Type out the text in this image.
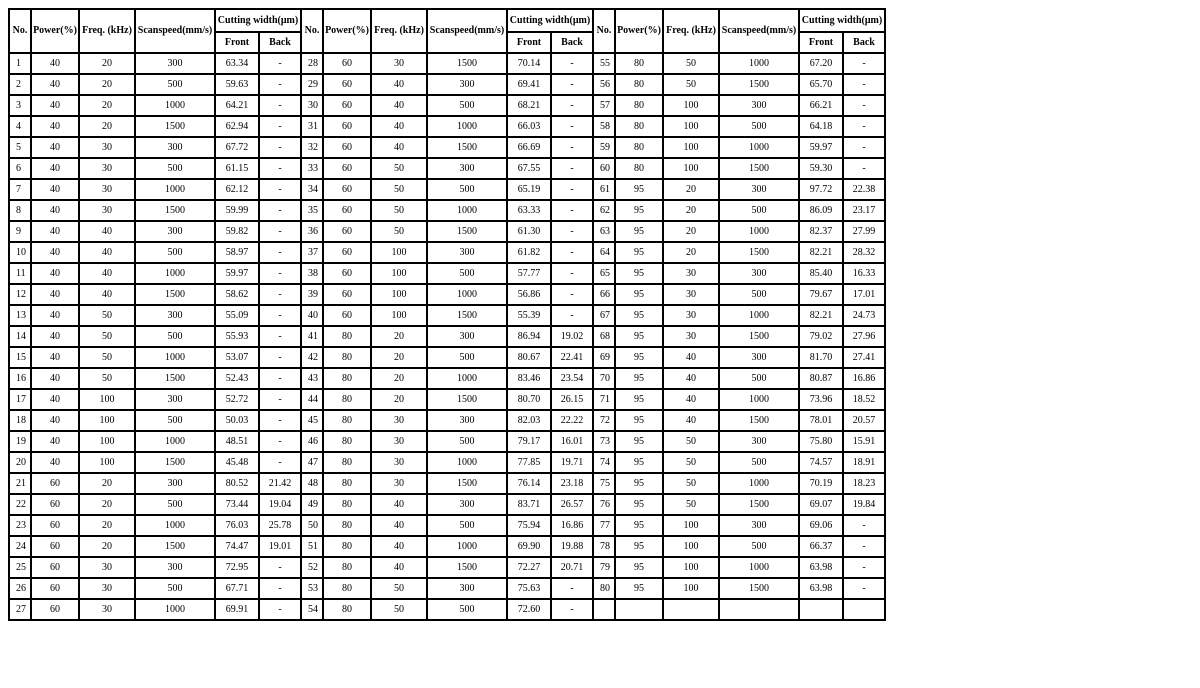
No.	Power(%)	Freq. (kHz)	Scanspeed(mm/s)	Cutting width(μm)		No.	Power(%)	Freq. (kHz)	Scanspeed(mm/s)	Cutting width(μm)		No.	Power(%)	Freq. (kHz)	Scanspeed(mm/s)	Cutting width(μm)	
				Front	Back					Front	Back					Front	Back
1	40	20	300	63.34	-	28	60	30	1500	70.14	-	55	80	50	1000	67.20	-
2	40	20	500	59.63	-	29	60	40	300	69.41	-	56	80	50	1500	65.70	-
3	40	20	1000	64.21	-	30	60	40	500	68.21	-	57	80	100	300	66.21	-
4	40	20	1500	62.94	-	31	60	40	1000	66.03	-	58	80	100	500	64.18	-
5	40	30	300	67.72	-	32	60	40	1500	66.69	-	59	80	100	1000	59.97	-
6	40	30	500	61.15	-	33	60	50	300	67.55	-	60	80	100	1500	59.30	-
7	40	30	1000	62.12	-	34	60	50	500	65.19	-	61	95	20	300	97.72	22.38
8	40	30	1500	59.99	-	35	60	50	1000	63.33	-	62	95	20	500	86.09	23.17
9	40	40	300	59.82	-	36	60	50	1500	61.30	-	63	95	20	1000	82.37	27.99
10	40	40	500	58.97	-	37	60	100	300	61.82	-	64	95	20	1500	82.21	28.32
11	40	40	1000	59.97	-	38	60	100	500	57.77	-	65	95	30	300	85.40	16.33
12	40	40	1500	58.62	-	39	60	100	1000	56.86	-	66	95	30	500	79.67	17.01
13	40	50	300	55.09	-	40	60	100	1500	55.39	-	67	95	30	1000	82.21	24.73
14	40	50	500	55.93	-	41	80	20	300	86.94	19.02	68	95	30	1500	79.02	27.96
15	40	50	1000	53.07	-	42	80	20	500	80.67	22.41	69	95	40	300	81.70	27.41
16	40	50	1500	52.43	-	43	80	20	1000	83.46	23.54	70	95	40	500	80.87	16.86
17	40	100	300	52.72	-	44	80	20	1500	80.70	26.15	71	95	40	1000	73.96	18.52
18	40	100	500	50.03	-	45	80	30	300	82.03	22.22	72	95	40	1500	78.01	20.57
19	40	100	1000	48.51	-	46	80	30	500	79.17	16.01	73	95	50	300	75.80	15.91
20	40	100	1500	45.48	-	47	80	30	1000	77.85	19.71	74	95	50	500	74.57	18.91
21	60	20	300	80.52	21.42	48	80	30	1500	76.14	23.18	75	95	50	1000	70.19	18.23
22	60	20	500	73.44	19.04	49	80	40	300	83.71	26.57	76	95	50	1500	69.07	19.84
23	60	20	1000	76.03	25.78	50	80	40	500	75.94	16.86	77	95	100	300	69.06	-
24	60	20	1500	74.47	19.01	51	80	40	1000	69.90	19.88	78	95	100	500	66.37	-
25	60	30	300	72.95	-	52	80	40	1500	72.27	20.71	79	95	100	1000	63.98	-
26	60	30	500	67.71	-	53	80	50	300	75.63	-	80	95	100	1500	63.98	-
27	60	30	1000	69.91	-	54	80	50	500	72.60	-						
